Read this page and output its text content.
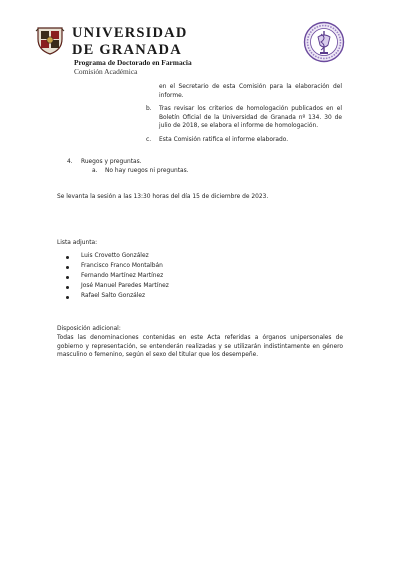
UNIVERSIDAD
DE GRANADA
Programa de Doctorado en Farmacia
Comisión Académica
en el Secretario de esta Comisión para la elaboración del informe.
b. Tras revisar los criterios de homologación publicados en el Boletín Oficial de la Universidad de Granada nº 134. 30 de julio de 2018, se elabora el informe de homologación.
c. Esta Comisión ratifica el informe elaborado.
4. Ruegos y preguntas.
a. No hay ruegos ni preguntas.
Se levanta la sesión a las 13:30 horas del día 15 de diciembre de 2023.
Lista adjunta:
Luis Crovetto González
Francisco Franco Montalbán
Fernando Martínez Martínez
José Manuel Paredes Martínez
Rafael Salto González
Disposición adicional:
Todas las denominaciones contenidas en este Acta referidas a órganos unipersonales de gobierno y representación, se entenderán realizadas y se utilizarán indistintamente en género masculino o femenino, según el sexo del titular que los desempeñe.
